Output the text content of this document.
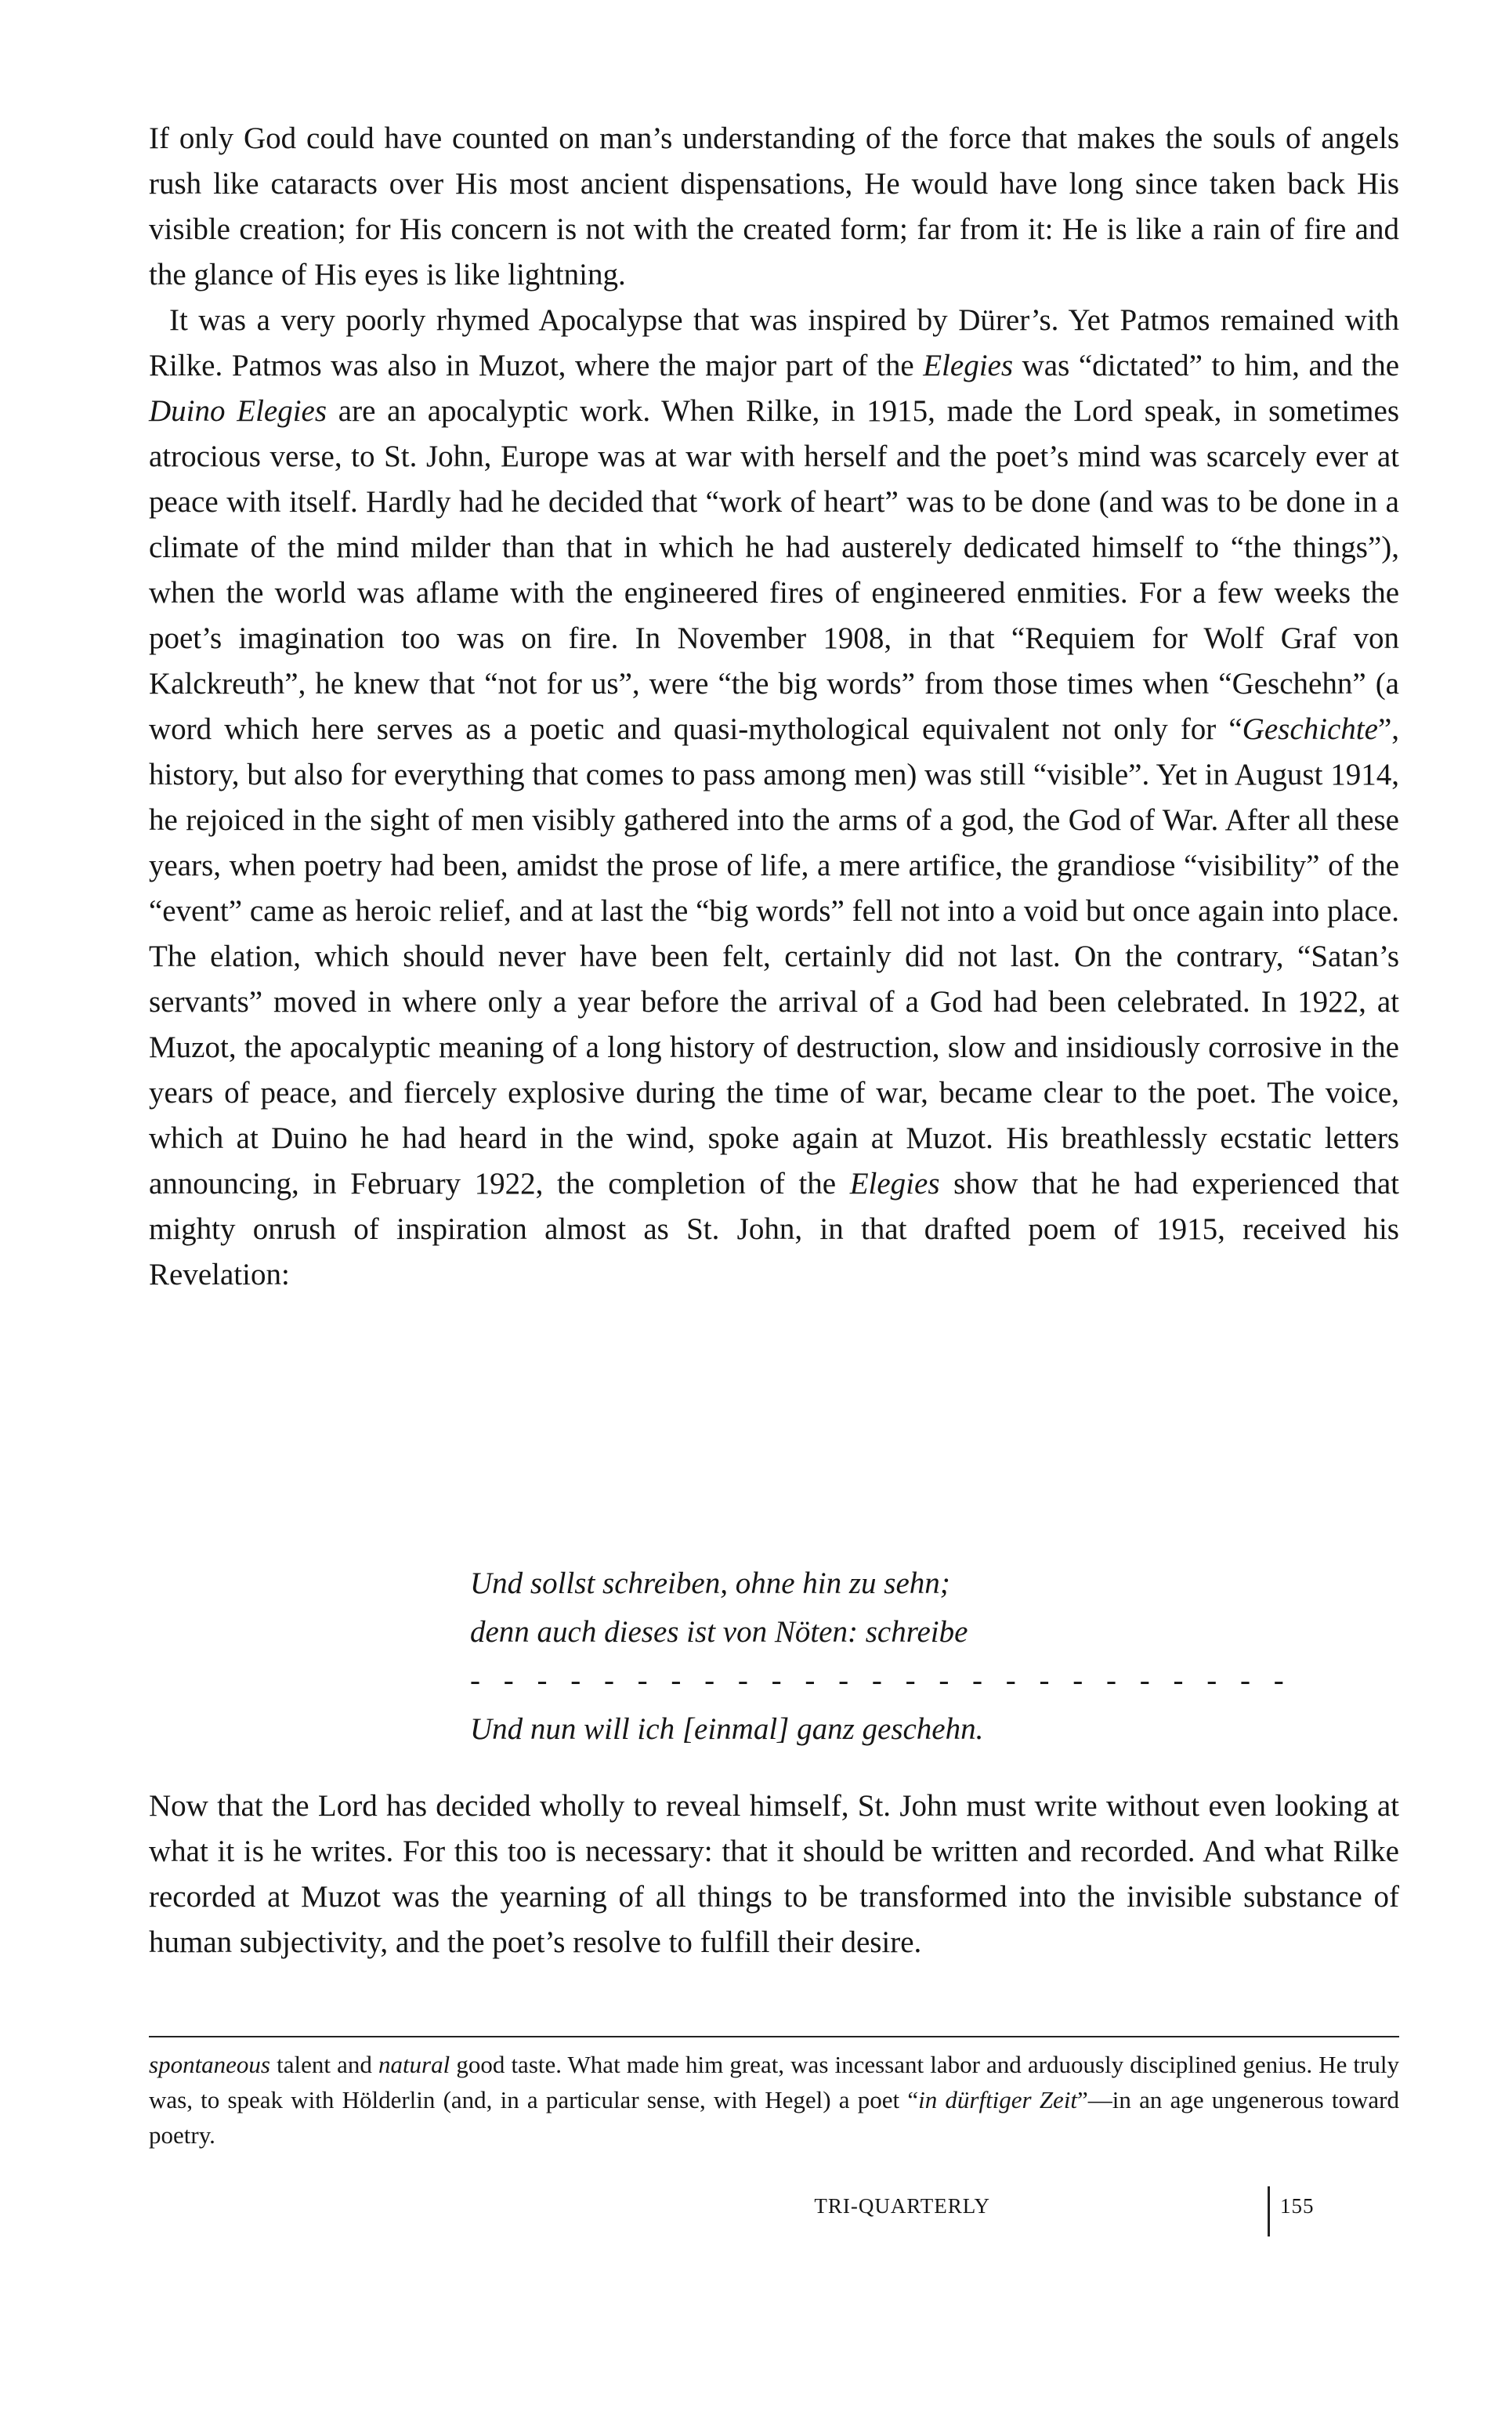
If only God could have counted on man’s understanding of the force that makes the souls of angels rush like cataracts over His most ancient dispensations, He would have long since taken back His visible creation; for His concern is not with the created form; far from it: He is like a rain of fire and the glance of His eyes is like lightning.

It was a very poorly rhymed Apocalypse that was inspired by Dürer’s. Yet Patmos remained with Rilke. Patmos was also in Muzot, where the major part of the Elegies was “dictated” to him, and the Duino Elegies are an apocalyptic work. When Rilke, in 1915, made the Lord speak, in sometimes atrocious verse, to St. John, Europe was at war with herself and the poet’s mind was scarcely ever at peace with itself. Hardly had he decided that “work of heart” was to be done (and was to be done in a climate of the mind milder than that in which he had austerely dedicated himself to “the things”), when the world was aflame with the engineered fires of engineered enmities. For a few weeks the poet’s imagination too was on fire. In November 1908, in that “Requiem for Wolf Graf von Kalckreuth”, he knew that “not for us”, were “the big words” from those times when “Geschehn” (a word which here serves as a poetic and quasi-mythological equivalent not only for “Geschichte”, history, but also for everything that comes to pass among men) was still “visible”. Yet in August 1914, he rejoiced in the sight of men visibly gathered into the arms of a god, the God of War. After all these years, when poetry had been, amidst the prose of life, a mere artifice, the grandiose “visibility” of the “event” came as heroic relief, and at last the “big words” fell not into a void but once again into place. The elation, which should never have been felt, certainly did not last. On the contrary, “Satan’s servants” moved in where only a year before the arrival of a God had been celebrated. In 1922, at Muzot, the apocalyptic meaning of a long history of destruction, slow and insidiously corrosive in the years of peace, and fiercely explosive during the time of war, became clear to the poet. The voice, which at Duino he had heard in the wind, spoke again at Muzot. His breathlessly ecstatic letters announcing, in February 1922, the completion of the Elegies show that he had experienced that mighty onrush of inspiration almost as St. John, in that drafted poem of 1915, received his Revelation:

Und sollst schreiben, ohne hin zu sehn;
denn auch dieses ist von Nöten: schreibe
- - - - - - - - - - - - - - - - - - - - - - - - -
Und nun will ich [einmal] ganz geschehn.
Now that the Lord has decided wholly to reveal himself, St. John must write without even looking at what it is he writes. For this too is necessary: that it should be written and recorded. And what Rilke recorded at Muzot was the yearning of all things to be transformed into the invisible substance of human subjectivity, and the poet’s resolve to fulfill their desire.
spontaneous talent and natural good taste. What made him great, was incessant labor and arduously disciplined genius. He truly was, to speak with Hölderlin (and, in a particular sense, with Hegel) a poet “in dürftiger Zeit”—in an age ungenerous toward poetry.
TRI-QUARTERLY	155
